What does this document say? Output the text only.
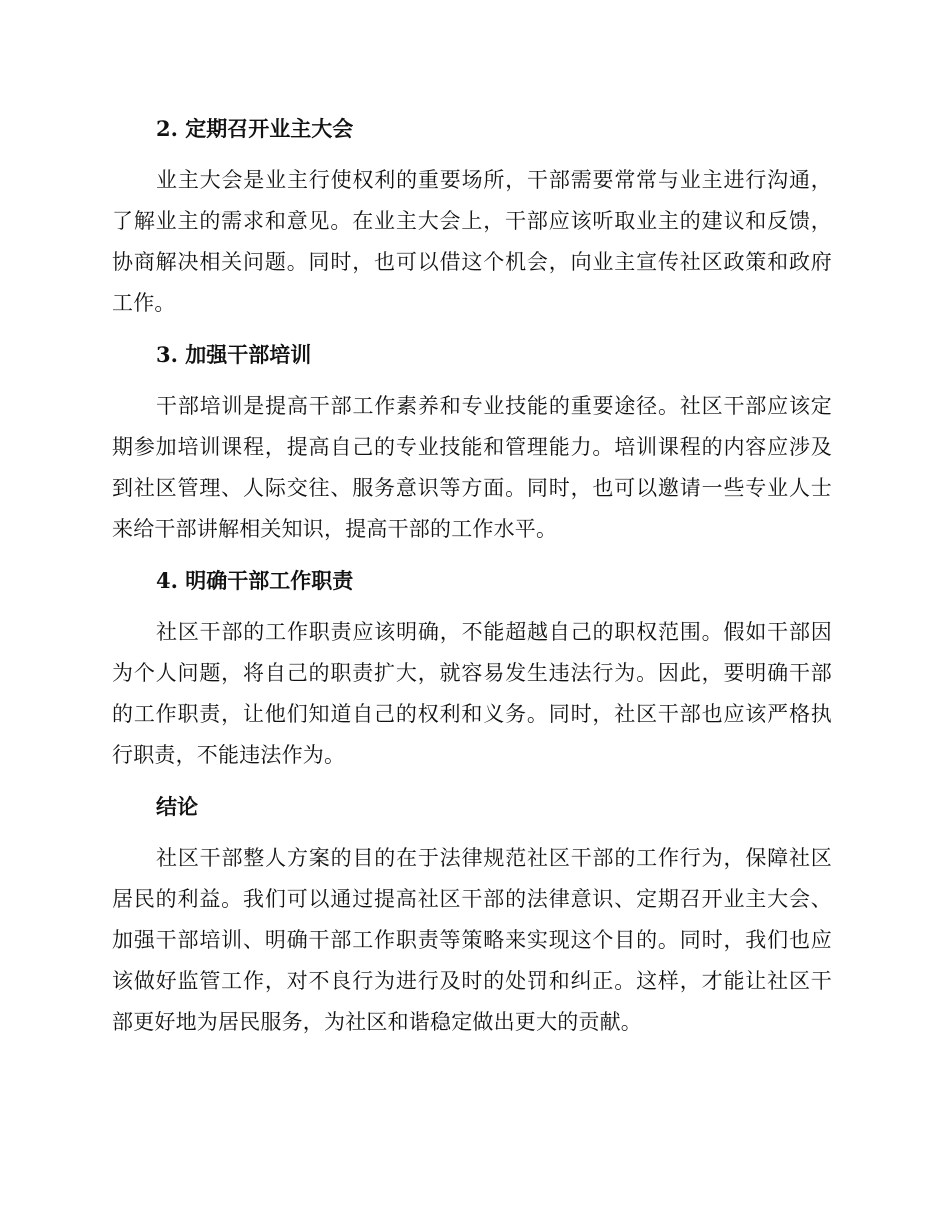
2. 定期召开业主大会

业主大会是业主行使权利的重要场所，干部需要常常与业主进行沟通，了解业主的需求和意见。在业主大会上，干部应该听取业主的建议和反馈，协商解决相关问题。同时，也可以借这个机会，向业主宣传社区政策和政府工作。

3. 加强干部培训

干部培训是提高干部工作素养和专业技能的重要途径。社区干部应该定期参加培训课程，提高自己的专业技能和管理能力。培训课程的内容应涉及到社区管理、人际交往、服务意识等方面。同时，也可以邀请一些专业人士来给干部讲解相关知识，提高干部的工作水平。

4. 明确干部工作职责

社区干部的工作职责应该明确，不能超越自己的职权范围。假如干部因为个人问题，将自己的职责扩大，就容易发生违法行为。因此，要明确干部的工作职责，让他们知道自己的权利和义务。同时，社区干部也应该严格执行职责，不能违法作为。

结论

社区干部整人方案的目的在于法律规范社区干部的工作行为，保障社区居民的利益。我们可以通过提高社区干部的法律意识、定期召开业主大会、加强干部培训、明确干部工作职责等策略来实现这个目的。同时，我们也应该做好监管工作，对不良行为进行及时的处罚和纠正。这样，才能让社区干部更好地为居民服务，为社区和谐稳定做出更大的贡献。
